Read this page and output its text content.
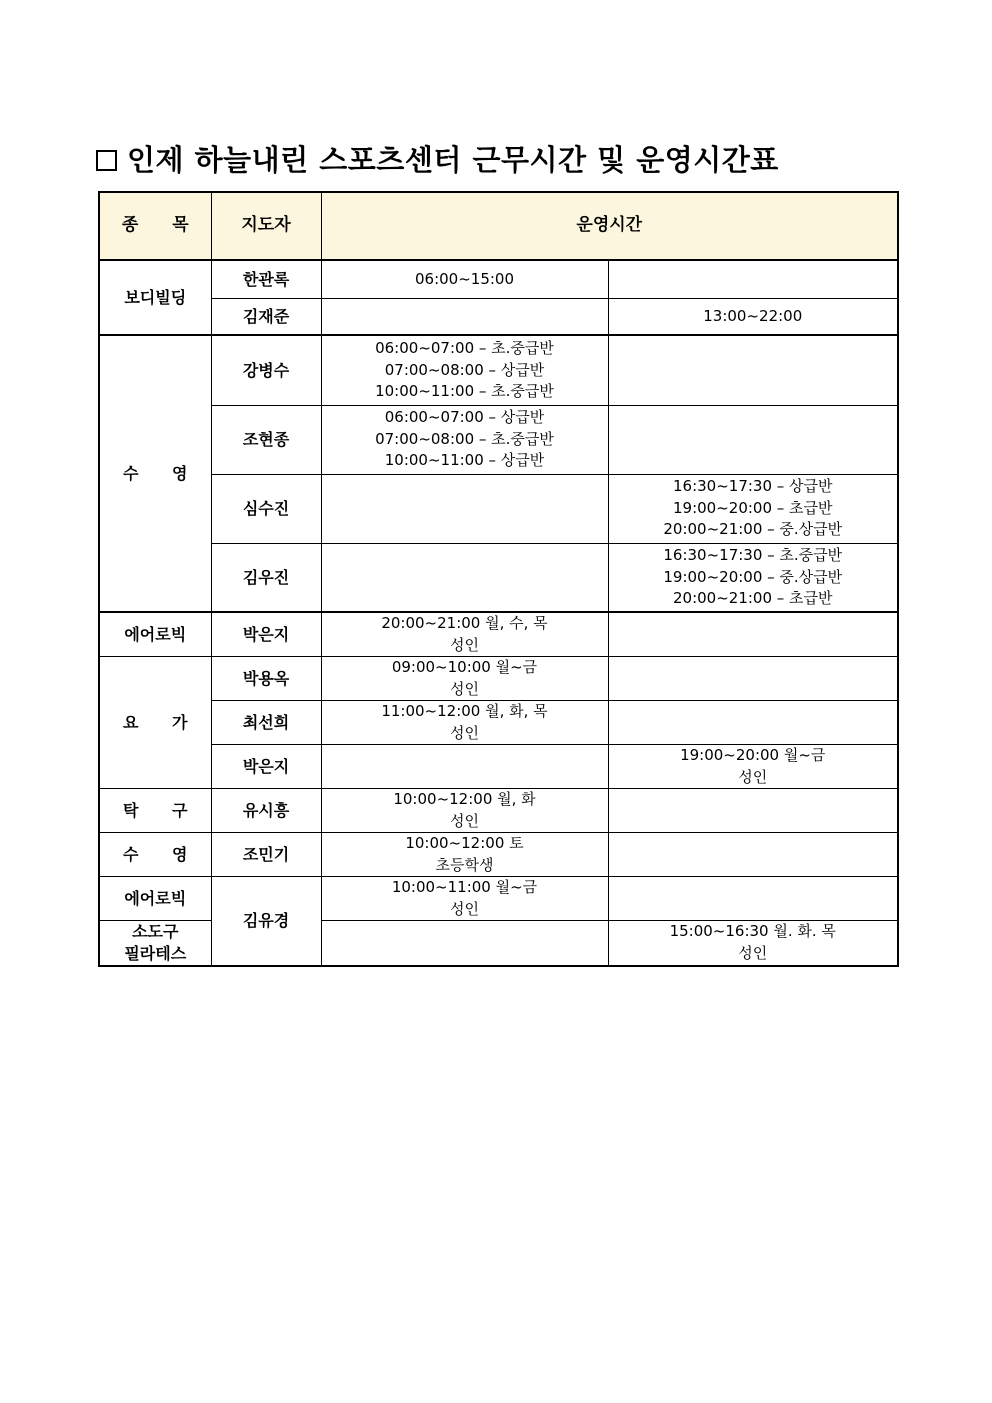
인제 하늘내린 스포츠센터 근무시간 및 운영시간표
종 목	지도자	운영시간	
보디빌딩	한관록	06:00~15:00	

	김재준		13:00~22:00

수 영	강병수	06:00~07:00 – 초.중급반
07:00~08:00 – 상급반
10:00~11:00 – 초.중급반	

	조현종	06:00~07:00 – 상급반
07:00~08:00 – 초.중급반
10:00~11:00 – 상급반	

	심수진		16:30~17:30 – 상급반
19:00~20:00 – 초급반
20:00~21:00 – 중.상급반

	김우진		16:30~17:30 – 초.중급반
19:00~20:00 – 중.상급반
20:00~21:00 – 초급반

에어로빅	박은지	20:00~21:00 월, 수, 목
성인	

요 가	박용옥	09:00~10:00 월~금
성인	

	최선희	11:00~12:00 월, 화, 목
성인	

	박은지		19:00~20:00 월~금
성인

탁 구	유시흥	10:00~12:00 월, 화
성인	

수 영	조민기	10:00~12:00 토
초등학생	

에어로빅	김유경	10:00~11:00 월~금
성인	

소도구
필라테스			15:00~16:30 월. 화. 목
성인
